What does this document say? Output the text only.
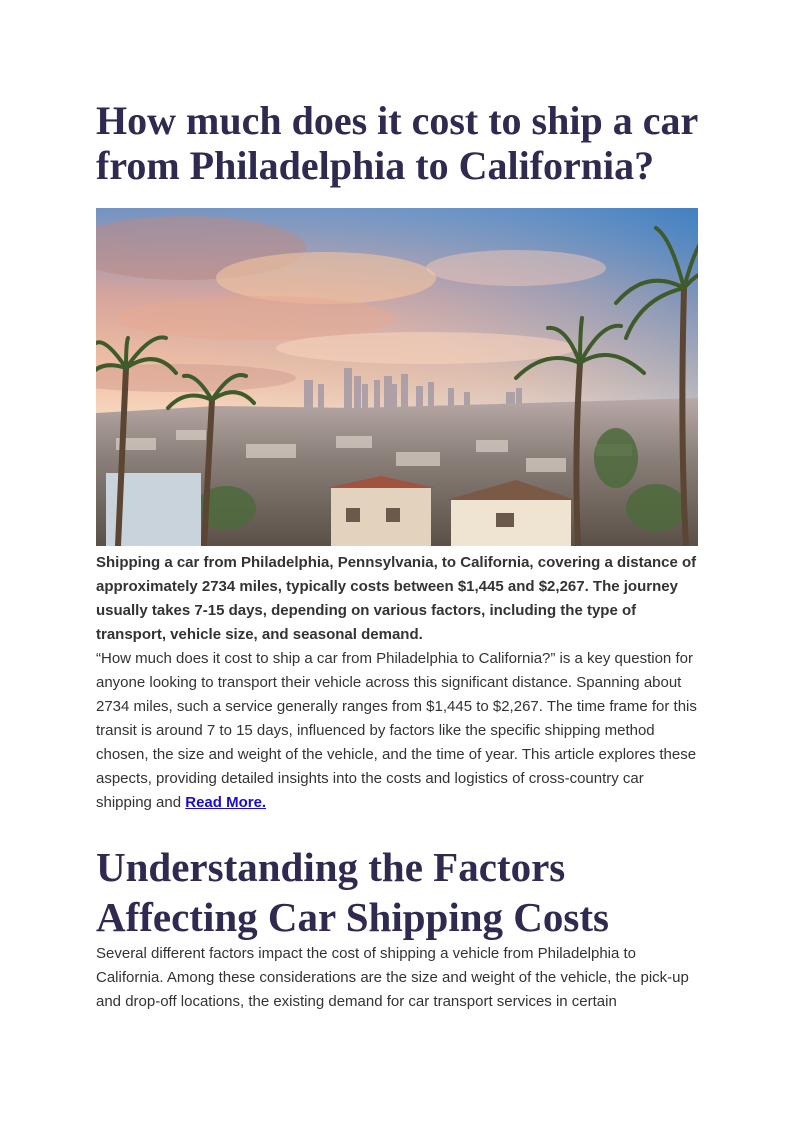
How much does it cost to ship a car from Philadelphia to California?

Shipping a car from Philadelphia, Pennsylvania, to California, covering a distance of approximately 2734 miles, typically costs between $1,445 and $2,267. The journey usually takes 7-15 days, depending on various factors, including the type of transport, vehicle size, and seasonal demand.

“How much does it cost to ship a car from Philadelphia to California?” is a key question for anyone looking to transport their vehicle across this significant distance. Spanning about 2734 miles, such a service generally ranges from $1,445 to $2,267. The time frame for this transit is around 7 to 15 days, influenced by factors like the specific shipping method chosen, the size and weight of the vehicle, and the time of year. This article explores these aspects, providing detailed insights into the costs and logistics of cross-country car shipping and Read More.

Understanding the Factors Affecting Car Shipping Costs

Several different factors impact the cost of shipping a vehicle from Philadelphia to California. Among these considerations are the size and weight of the vehicle, the pick-up and drop-off locations, the existing demand for car transport services in certain
